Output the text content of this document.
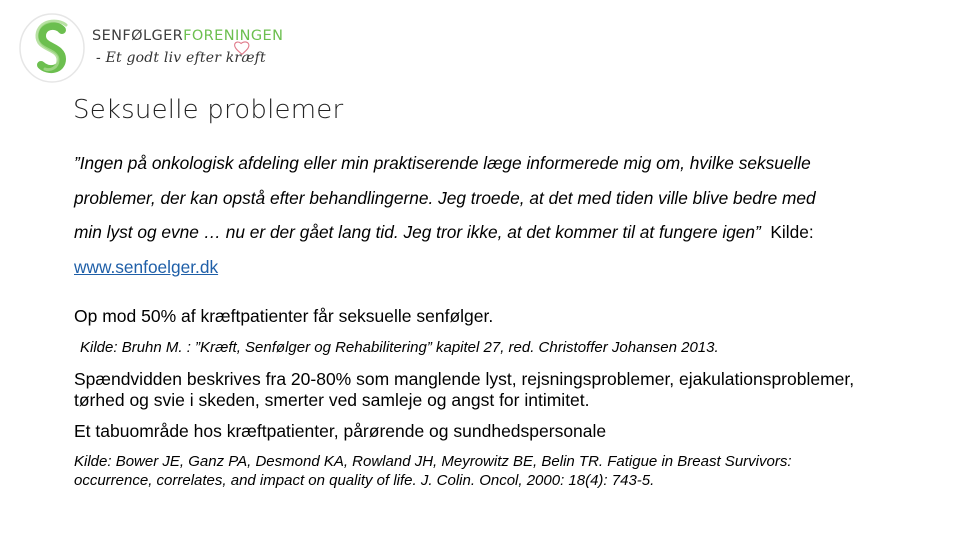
SENFØLGERFORENINGEN
- Et godt liv efter kræft
Seksuelle problemer
”Ingen på onkologisk afdeling eller min praktiserende læge informerede mig om, hvilke seksuelle problemer, der kan opstå efter behandlingerne. Jeg troede, at det med tiden ville blive bedre med min lyst og evne … nu er der gået lang tid. Jeg tror ikke, at det kommer til at fungere igen” Kilde: www.senfoelger.dk
Op mod 50% af kræftpatienter får seksuelle senfølger.
Kilde: Bruhn M. : ”Kræft, Senfølger og Rehabilitering” kapitel 27, red. Christoffer Johansen 2013.
Spændvidden beskrives fra 20-80% som manglende lyst, rejsningsproblemer, ejakulationsproblemer, tørhed og svie i skeden, smerter ved samleje og angst for intimitet.
Et tabuområde hos kræftpatienter, pårørende og sundhedspersonale
Kilde: Bower JE, Ganz PA, Desmond KA, Rowland JH, Meyrowitz BE, Belin TR. Fatigue in Breast Survivors: occurrence, correlates, and impact on quality of life. J. Colin. Oncol, 2000: 18(4): 743-5.
